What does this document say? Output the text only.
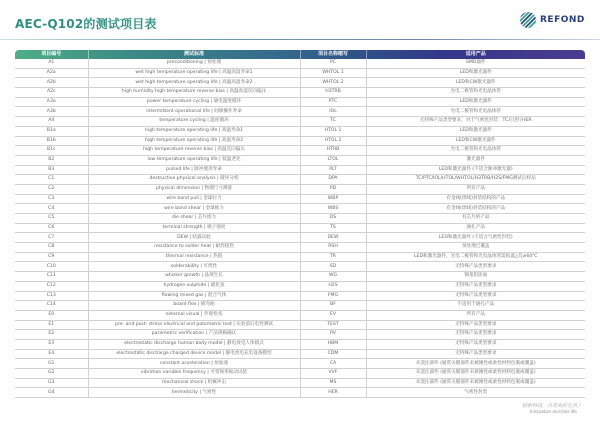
AEC-Q102的测试项目表	REFOND
项目编号	测试标准	项目名称缩写	适用产品
A1	preconditioning | 预处理	PC	SMD器件
A2a	wet high temperature operating life | 高温高湿寿命1	WHTOL 1	LED和激光器件
A2b	wet high temperature operating life | 高温高湿寿命2	WHTOL 2	LED和CW激光器件
A2c	high humidity high temperature reverse bias | 高温高湿反向偏压	H3TRB	光电二极管和光电晶体管
A3a	power temperature cycling | 通电温度循环	PTC	LED和激光器件
A3b	intermittent operational life | 间歇操作寿命	IOL	光电二极管和光电晶体管
A4	temperature cycling | 温度循环	TC	无特殊产品类型要求，对于气密性封装：TC后进行HER
B1a	high temperature operating life | 高温寿命1	HTOL 1	LED和激光器件
B1b	high temperature operating life | 高温寿命2	HTOL 2	LED和CW激光器件
B1c	high temperature reverse bias | 高温反向偏压	HTRB	光电二极管和光电晶体管
B2	low temperature operating life | 低温老化	LTOL	激光器件
B3	pulsed life | 脉冲使用寿命	PLT	LED和激光器件 (不适合脉冲激光器)
C1	destructive physical analysis | 破坏分析	DPA	TC/PTC/IOL/HTOL/WHTOL/H3TRB/H2S/FMG测试后样品
C2	physical dimension | 物理尺寸测量	PD	所有产品
C3	wire bond pull | 金球拉力	WBP	有金线(焊线)封装结构的产品
C4	wire bond shear | 金球推力	WBS	有金线(焊线)封装结构的产品
C5	die shear | 芯片推力	DS	有芯片的产品
C6	terminal strength | 端子强度	TS	通孔产品
C7	DEW | 结露试验	DEW	LED和激光器件 (不适合气密性封装)
C8	resistance to solder heat | 耐焊接热	RSH	预处理已覆盖
C9	thermal resistance | 热阻	TR	LED和激光器件，光电二极管和光电晶体管需结温△Tj≥60℃
C10	solderability | 可焊性	SD	无特殊产品类型要求
C11	whisker growth | 晶须生长	WG	钢基铝涂面
C12	hydrogen sulphide | 硫化氢	H2S	无特殊产品类型要求
C13	flowing mixed gas | 混合气体	FMG	无特殊产品类型要求
C14	board flex | 板弯曲	BF	不适用于通孔产品
E0	external visual | 外观检查	EV	所有产品
E1	pre- and post- stress electrical and potometric test | 实验前后电性测试	TEST	无特殊产品类型要求
E2	parametric verification | 产品规格确认	PV	无特殊产品类型要求
E3	electrostatic discharge human body model | 静电放电人体模式	HBM	无特殊产品类型要求
E4	electrostatic discharge charged device model | 静电放电充电设备模型	CDM	无特殊产品类型要求
G1	constant acceleration | 恒加速	CA	未浇注部件 (通常关键部件未被刚性或柔性材料包裹或覆盖)
G2	vibration variable frequency | 可变频率振动试验	VVF	未浇注部件 (通常关键部件未被刚性或柔性材料包裹或覆盖)
G3	mechanical shock | 机械冲击	MS	未浇注部件 (通常关键部件未被刚性或柔性材料包裹或覆盖)
G4	hermeticity | 气密性	HER	气密性封装
创新科技，点亮美好生活 /
Innovation enriches life
